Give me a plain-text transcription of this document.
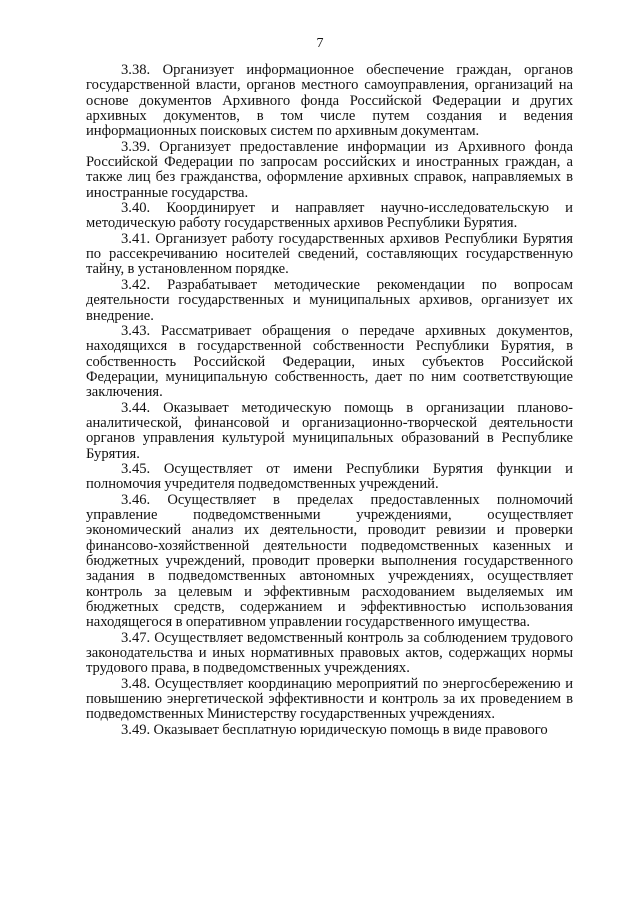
7

3.38. Организует информационное обеспечение граждан, органов государственной власти, органов местного самоуправления, организаций на основе документов Архивного фонда Российской Федерации и других архивных документов, в том числе путем создания и ведения информационных поисковых систем по архивным документам.

3.39. Организует предоставление информации из Архивного фонда Российской Федерации по запросам российских и иностранных граждан, а также лиц без гражданства, оформление архивных справок, направляемых в иностранные государства.

3.40. Координирует и направляет научно-исследовательскую и методическую работу государственных архивов Республики Бурятия.

3.41. Организует работу государственных архивов Республики Бурятия по рассекречиванию носителей сведений, составляющих государственную тайну, в установленном порядке.

3.42. Разрабатывает методические рекомендации по вопросам деятельности государственных и муниципальных архивов, организует их внедрение.

3.43. Рассматривает обращения о передаче архивных документов, находящихся в государственной собственности Республики Бурятия, в собственность Российской Федерации, иных субъектов Российской Федерации, муниципальную собственность, дает по ним соответствующие заключения.

3.44. Оказывает методическую помощь в организации планово-аналитической, финансовой и организационно-творческой деятельности органов управления культурой муниципальных образований в Республике Бурятия.

3.45. Осуществляет от имени Республики Бурятия функции и полномочия учредителя подведомственных учреждений.

3.46. Осуществляет в пределах предоставленных полномочий управление подведомственными учреждениями, осуществляет экономический анализ их деятельности, проводит ревизии и проверки финансово-хозяйственной деятельности подведомственных казенных и бюджетных учреждений, проводит проверки выполнения государственного задания в подведомственных автономных учреждениях, осуществляет контроль за целевым и эффективным расходованием выделяемых им бюджетных средств, содержанием и эффективностью использования находящегося в оперативном управлении государственного имущества.

3.47. Осуществляет ведомственный контроль за соблюдением трудового законодательства и иных нормативных правовых актов, содержащих нормы трудового права, в подведомственных учреждениях.

3.48. Осуществляет координацию мероприятий по энергосбережению и повышению энергетической эффективности и контроль за их проведением в подведомственных Министерству государственных учреждениях.

3.49. Оказывает бесплатную юридическую помощь в виде правового
